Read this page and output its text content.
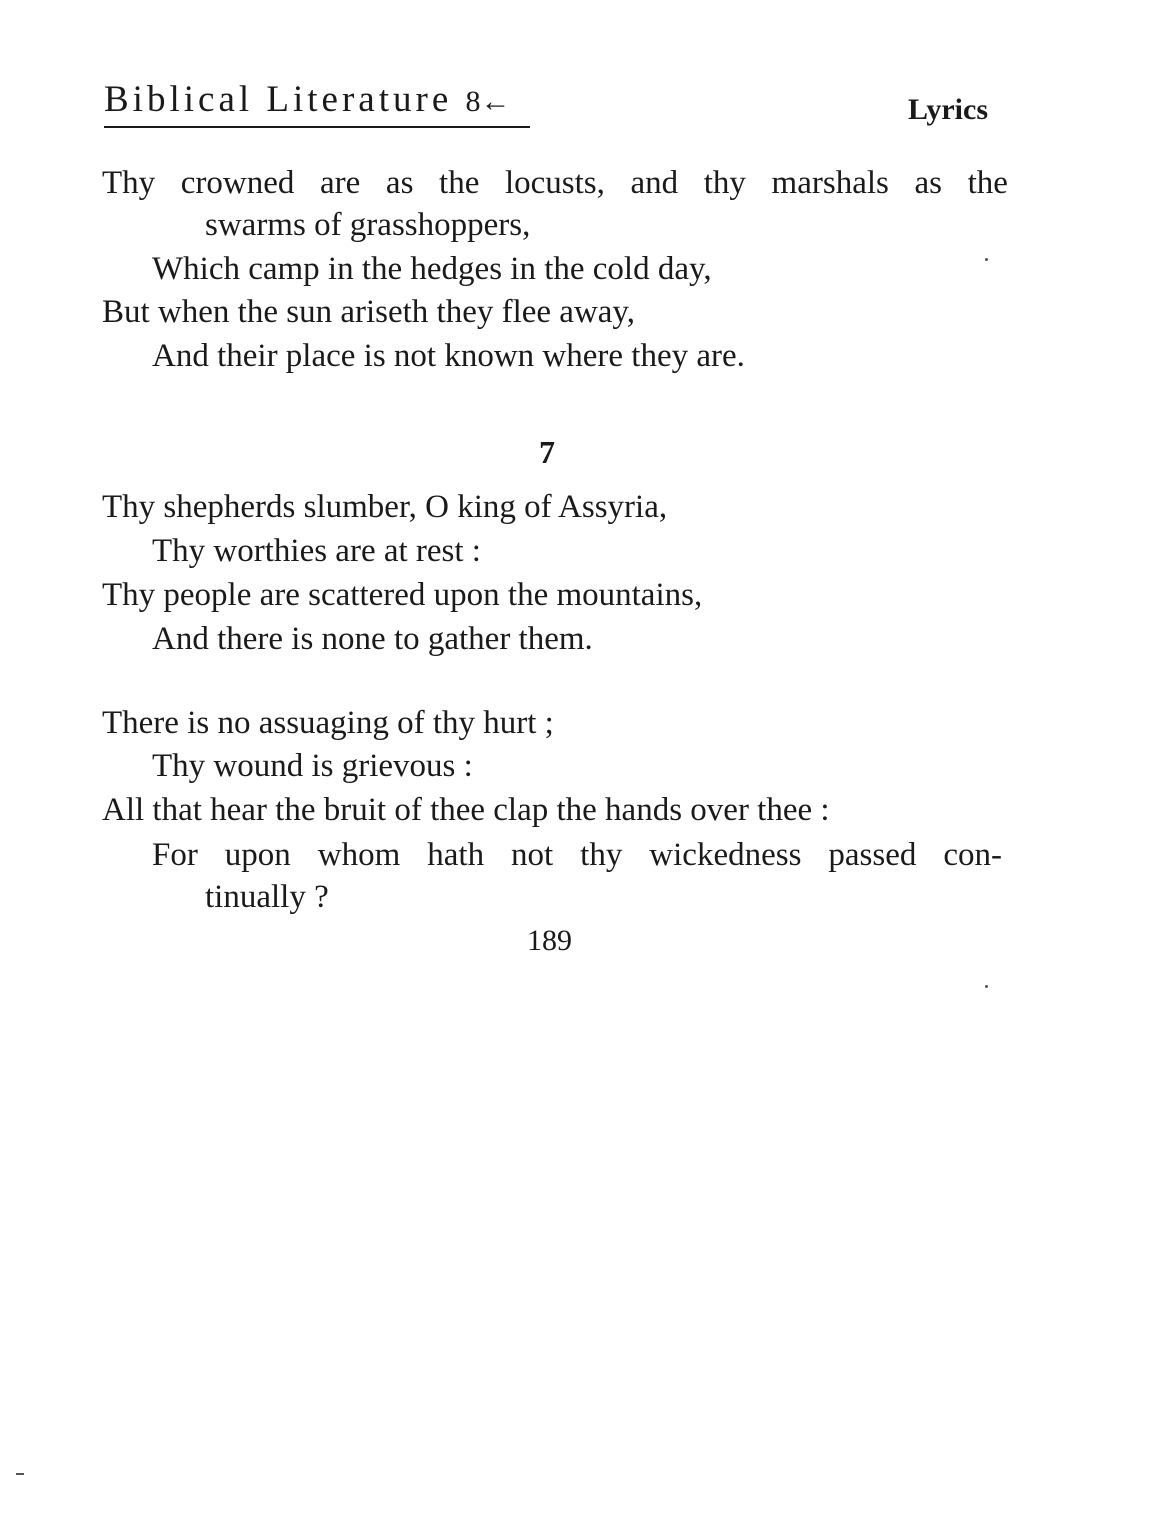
Biblical Literature 8←	Lyrics
Thy crowned are as the locusts, and thy marshals as the
swarms of grasshoppers,
Which camp in the hedges in the cold day,
But when the sun ariseth they flee away,
And their place is not known where they are.
7
Thy shepherds slumber, O king of Assyria,
Thy worthies are at rest :
Thy people are scattered upon the mountains,
And there is none to gather them.
There is no assuaging of thy hurt ;
Thy wound is grievous :
All that hear the bruit of thee clap the hands over thee :
For upon whom hath not thy wickedness passed con-
tinually ?
189
